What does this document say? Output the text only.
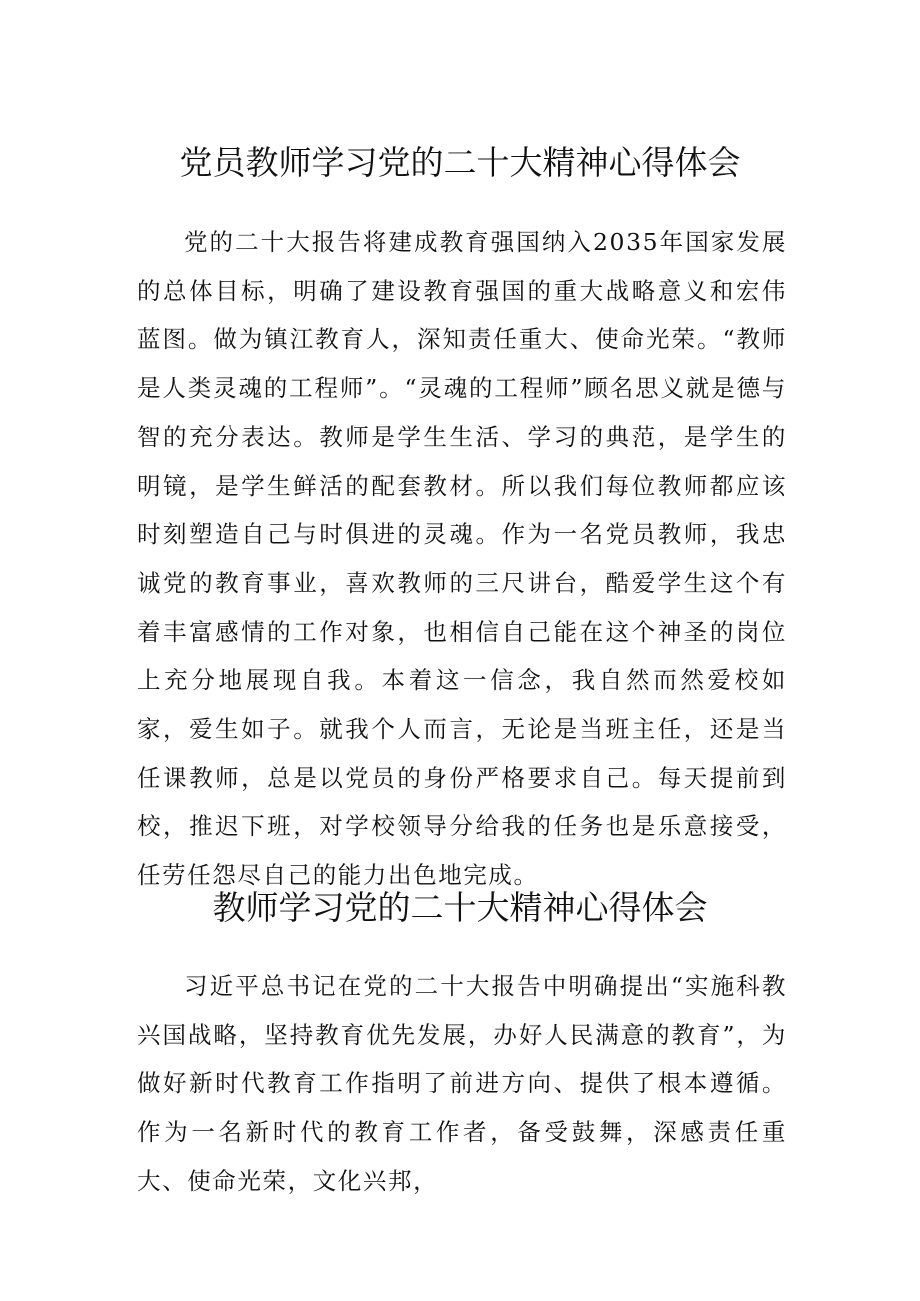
党员教师学习党的二十大精神心得体会

党的二十大报告将建成教育强国纳入2035年国家发展的总体目标，明确了建设教育强国的重大战略意义和宏伟蓝图。做为镇江教育人，深知责任重大、使命光荣。“教师是人类灵魂的工程师”。“灵魂的工程师”顾名思义就是德与智的充分表达。教师是学生生活、学习的典范，是学生的明镜，是学生鲜活的配套教材。所以我们每位教师都应该时刻塑造自己与时俱进的灵魂。作为一名党员教师，我忠诚党的教育事业，喜欢教师的三尺讲台，酷爱学生这个有着丰富感情的工作对象，也相信自己能在这个神圣的岗位上充分地展现自我。本着这一信念，我自然而然爱校如家，爱生如子。就我个人而言，无论是当班主任，还是当任课教师，总是以党员的身份严格要求自己。每天提前到校，推迟下班，对学校领导分给我的任务也是乐意接受，任劳任怨尽自己的能力出色地完成。

教师学习党的二十大精神心得体会

习近平总书记在党的二十大报告中明确提出“实施科教兴国战略，坚持教育优先发展，办好人民满意的教育”，为做好新时代教育工作指明了前进方向、提供了根本遵循。作为一名新时代的教育工作者，备受鼓舞，深感责任重大、使命光荣，文化兴邦，
